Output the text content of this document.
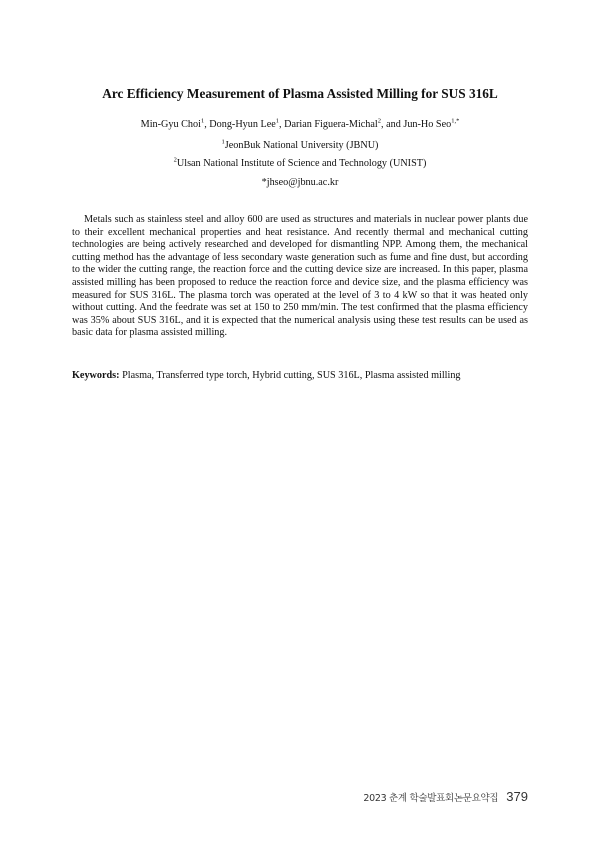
Arc Efficiency Measurement of Plasma Assisted Milling for SUS 316L
Min-Gyu Choi$^1$, Dong-Hyun Lee$^1$, Darian Figuera-Michal$^2$, and Jun-Ho Seo$^{1,*}$
$^1$JeonBuk National University (JBNU)
$^2$Ulsan National Institute of Science and Technology (UNIST)
*jhseo@jbnu.ac.kr

Metals such as stainless steel and alloy 600 are used as structures and materials in nuclear power plants due to their excellent mechanical properties and heat resistance. And recently thermal and mechanical cutting technologies are being actively researched and developed for dismantling NPP. Among them, the mechanical cutting method has the advantage of less secondary waste generation such as fume and fine dust, but according to the wider the cutting range, the reaction force and the cutting device size are increased. In this paper, plasma assisted milling has been proposed to reduce the reaction force and device size, and the plasma efficiency was measured for SUS 316L. The plasma torch was operated at the level of 3 to 4 kW so that it was heated only without cutting. And the feedrate was set at 150 to 250 mm/min. The test confirmed that the plasma efficiency was 35% about SUS 316L, and it is expected that the numerical analysis using these test results can be used as basic data for plasma assisted milling.

Keywords: Plasma, Transferred type torch, Hybrid cutting, SUS 316L, Plasma assisted milling

2023 춘계 학술발표회논문요약집 379
